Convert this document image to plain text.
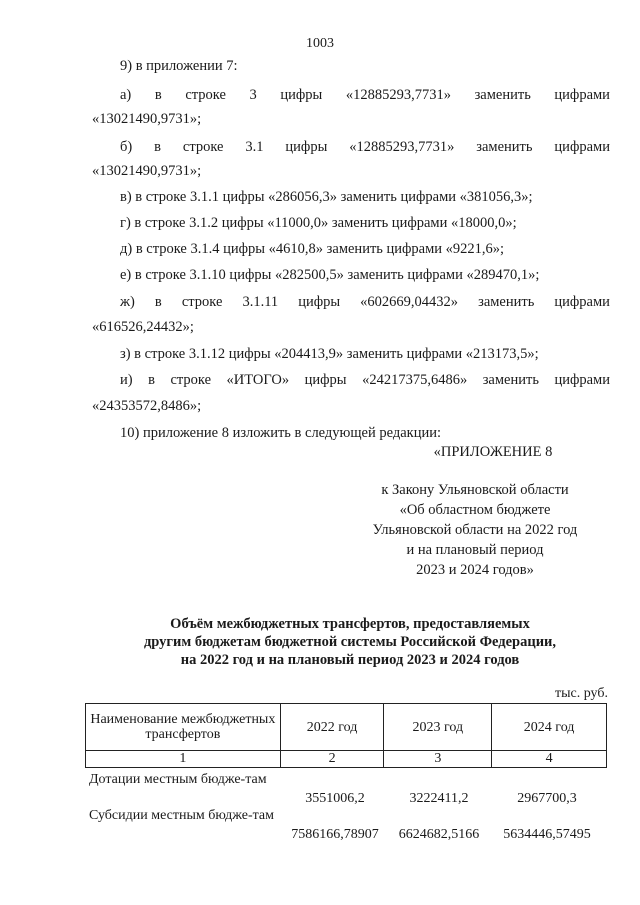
1003
9) в приложении 7:
а) в строке 3 цифры «12885293,7731» заменить цифрами
«13021490,9731»;
б) в строке 3.1 цифры «12885293,7731» заменить цифрами
«13021490,9731»;
в) в строке 3.1.1 цифры «286056,3» заменить цифрами «381056,3»;
г) в строке 3.1.2 цифры «11000,0» заменить цифрами «18000,0»;
д) в строке 3.1.4 цифры «4610,8» заменить цифрами «9221,6»;
е) в строке 3.1.10 цифры «282500,5» заменить цифрами «289470,1»;
ж) в строке 3.1.11 цифры «602669,04432» заменить цифрами
«616526,24432»;
з) в строке 3.1.12 цифры «204413,9» заменить цифрами «213173,5»;
и) в строке «ИТОГО» цифры «24217375,6486» заменить цифрами
«24353572,8486»;
10) приложение 8 изложить в следующей редакции:
«ПРИЛОЖЕНИЕ 8
к Закону Ульяновской области
«Об областном бюджете
Ульяновской области на 2022 год
и на плановый период
2023 и 2024 годов»
Объём межбюджетных трансфертов, предоставляемых
другим бюджетам бюджетной системы Российской Федерации,
на 2022 год и на плановый период 2023 и 2024 годов
тыс. руб.
Наименование межбюджетных трансфертов	2022 год	2023 год	2024 год
1	2	3	4
Дотации местным бюдже-там
3551006,2	3222411,2	2967700,3
Субсидии местным бюдже-там
7586166,78907	6624682,5166	5634446,57495
